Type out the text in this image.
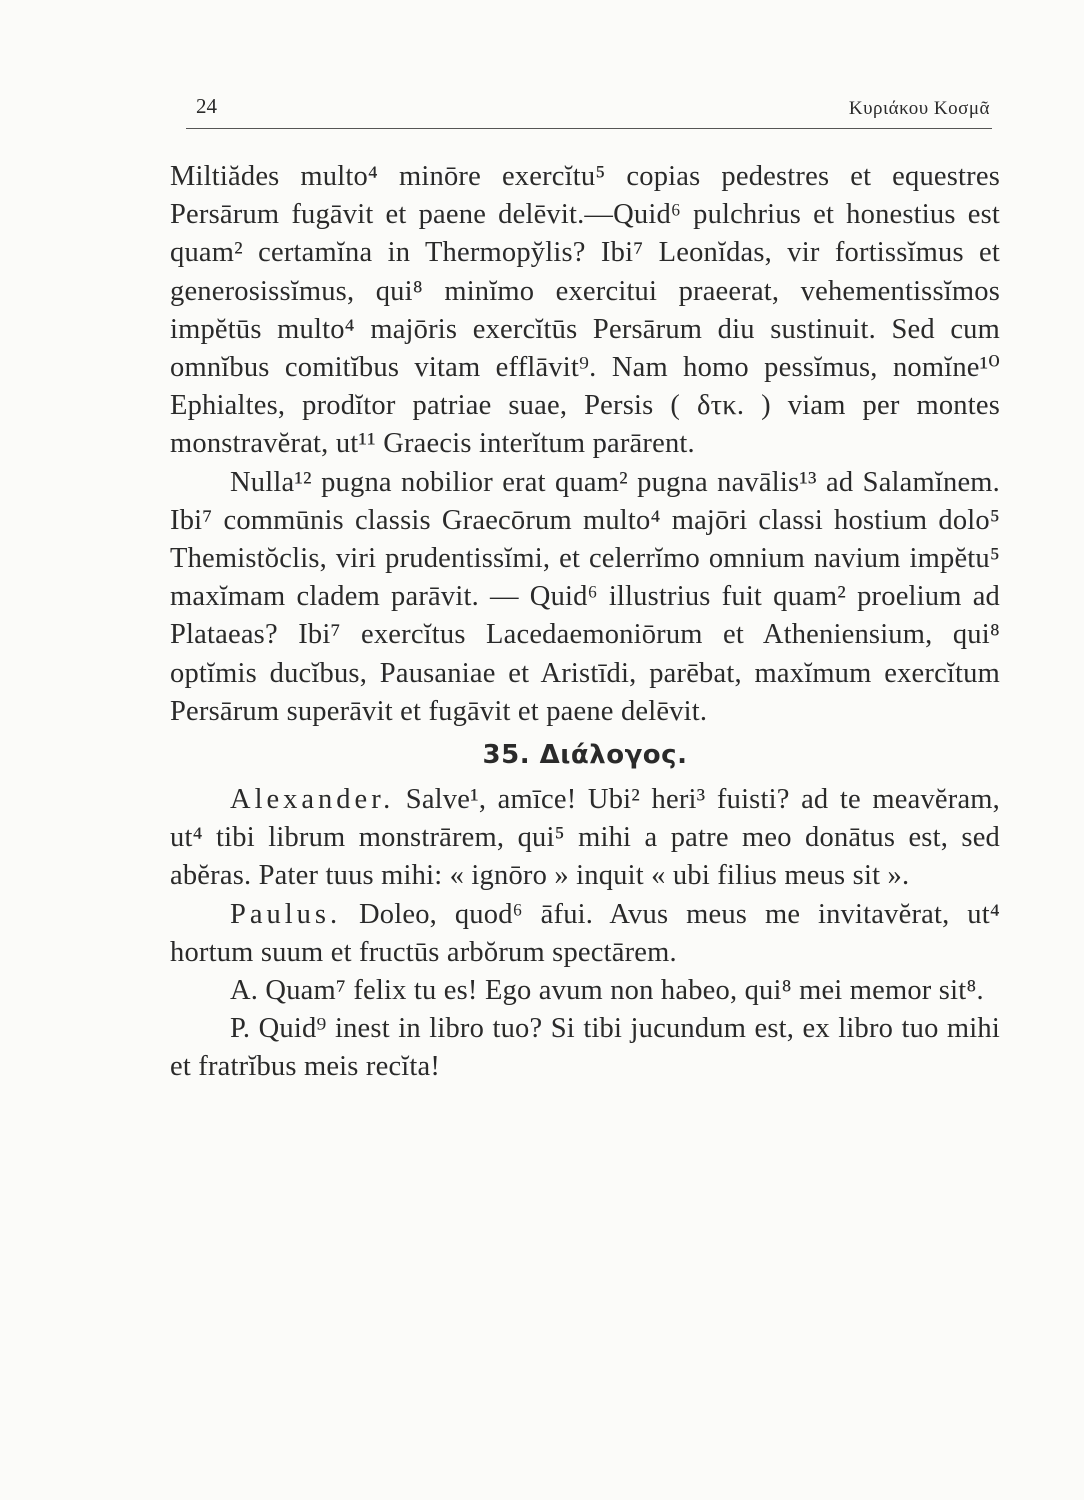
24	Κυριάκου Κοσμᾶ

Miltiădes multo⁴ minōre exercĭtu⁵ copias pedestres et equestres Persārum fugāvit et paene delēvit.—Quid⁶ pulchrius et honestius est quam² certamĭna in Thermopy̆lis? Ibi⁷ Leonĭdas, vir fortissĭmus et generosissĭmus, qui⁸ minĭmo exercitui praeerat, vehementissĭmos impĕtūs multo⁴ majōris exercĭtūs Persārum diu sustinuit. Sed cum omnĭbus comitĭbus vitam efflāvit⁹. Nam homo pessĭmus, nomĭne¹⁰ Ephialtes, prodĭtor patriae suae, Persis ( δτκ. ) viam per montes monstravĕrat, ut¹¹ Graecis interĭtum parārent.

Nulla¹² pugna nobilior erat quam² pugna navālis¹³ ad Salamĭnem. Ibi⁷ commūnis classis Graecōrum multo⁴ majōri classi hostium dolo⁵ Themistŏclis, viri prudentissĭmi, et celerrĭmo omnium navium impĕtu⁵ maxĭmam cladem parāvit. — Quid⁶ illustrius fuit quam² proelium ad Plataeas? Ibi⁷ exercĭtus Lacedaemoniōrum et Atheniensium, qui⁸ optĭmis ducĭbus, Pausaniae et Aristīdi, parēbat, maxĭmum exercĭtum Persārum superāvit et fugāvit et paene delēvit.

35. Διάλογος.

Alexander. Salve¹, amīce! Ubi² heri³ fuisti? ad te meavĕram, ut⁴ tibi librum monstrārem, qui⁵ mihi a patre meo donātus est, sed abĕras. Pater tuus mihi: « ignōro » inquit « ubi filius meus sit ».

Paulus. Doleo, quod⁶ āfui. Avus meus me invitavĕrat, ut⁴ hortum suum et fructūs arbŏrum spectārem.

A. Quam⁷ felix tu es! Ego avum non habeo, qui⁸ mei memor sit⁸.

P. Quid⁹ inest in libro tuo? Si tibi jucundum est, ex libro tuo mihi et fratrĭbus meis recĭta!
